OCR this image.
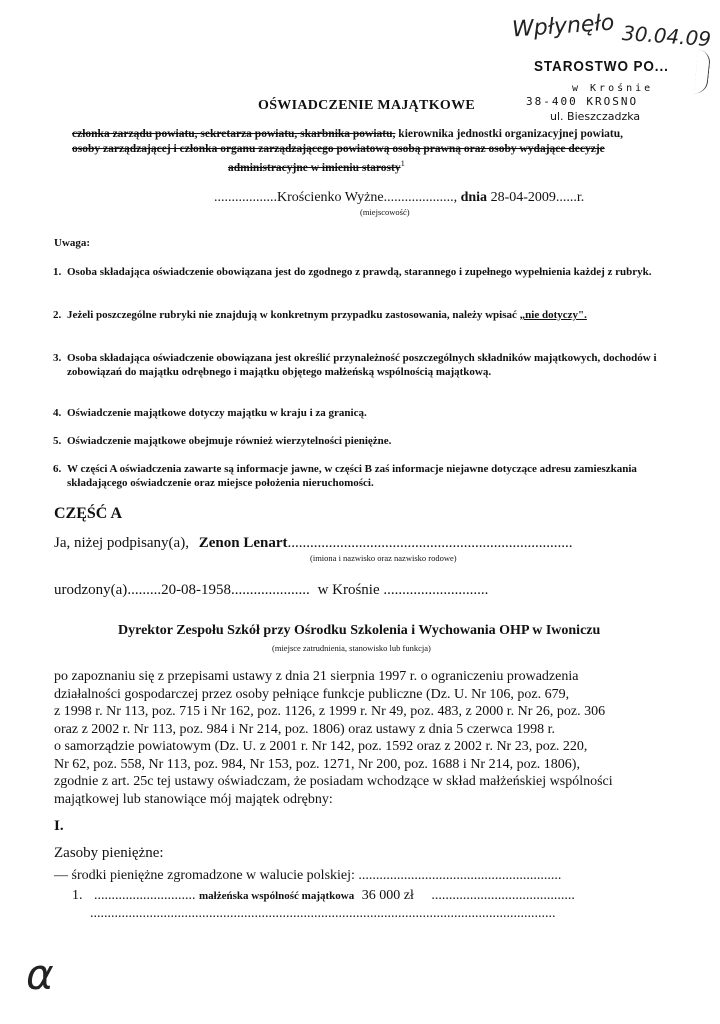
Wpłynęło 30.04.09
STAROSTWO PO...
w Krośnie
38-400 KROSNO
ul. Bieszczadzka
OŚWIADCZENIE MAJĄTKOWE
członka zarządu powiatu, sekretarza powiatu, skarbnika powiatu, kierownika jednostki organizacyjnej powiatu,
osoby zarządzającej i członka organu zarządzającego powiatową osobą prawną oraz osoby wydające decyzje
administracyjne w imieniu starosty$^1$
..................Krościenko Wyżne...................., dnia 28-04-2009......r.
(miejscowość)
Uwaga:
1. Osoba składająca oświadczenie obowiązana jest do zgodnego z prawdą, starannego i zupełnego wypełnienia każdej z rubryk.
2. Jeżeli poszczególne rubryki nie znajdują w konkretnym przypadku zastosowania, należy wpisać „nie dotyczy".
3. Osoba składająca oświadczenie obowiązana jest określić przynależność poszczególnych składników majątkowych, dochodów i zobowiązań do majątku odrębnego i majątku objętego małżeńską wspólnością majątkową.
4. Oświadczenie majątkowe dotyczy majątku w kraju i za granicą.
5. Oświadczenie majątkowe obejmuje również wierzytelności pieniężne.
6. W części A oświadczenia zawarte są informacje jawne, w części B zaś informacje niejawne dotyczące adresu zamieszkania składającego oświadczenie oraz miejsce położenia nieruchomości.
CZĘŚĆ A
Ja, niżej podpisany(a), Zenon Lenart............................................................................
(imiona i nazwisko oraz nazwisko rodowe)
urodzony(a).........20-08-1958..................... w Krośnie ............................
Dyrektor Zespołu Szkół przy Ośrodku Szkolenia i Wychowania OHP w Iwoniczu
(miejsce zatrudnienia, stanowisko lub funkcja)
po zapoznaniu się z przepisami ustawy z dnia 21 sierpnia 1997 r. o ograniczeniu prowadzenia
działalności gospodarczej przez osoby pełniące funkcje publiczne (Dz. U. Nr 106, poz. 679,
z 1998 r. Nr 113, poz. 715 i Nr 162, poz. 1126, z 1999 r. Nr 49, poz. 483, z 2000 r. Nr 26, poz. 306
oraz z 2002 r. Nr 113, poz. 984 i Nr 214, poz. 1806) oraz ustawy z dnia 5 czerwca 1998 r.
o samorządzie powiatowym (Dz. U. z 2001 r. Nr 142, poz. 1592 oraz z 2002 r. Nr 23, poz. 220,
Nr 62, poz. 558, Nr 113, poz. 984, Nr 153, poz. 1271, Nr 200, poz. 1688 i Nr 214, poz. 1806),
zgodnie z art. 25c tej ustawy oświadczam, że posiadam wchodzące w skład małżeńskiej wspólności
majątkowej lub stanowiące mój majątek odrębny:
I.
Zasoby pieniężne:
— środki pieniężne zgromadzone w walucie polskiej: ..........................................................
1. ............................. małżeńska wspólność majątkowa 36 000 zł .........................................
.....................................................................................................................................
α
